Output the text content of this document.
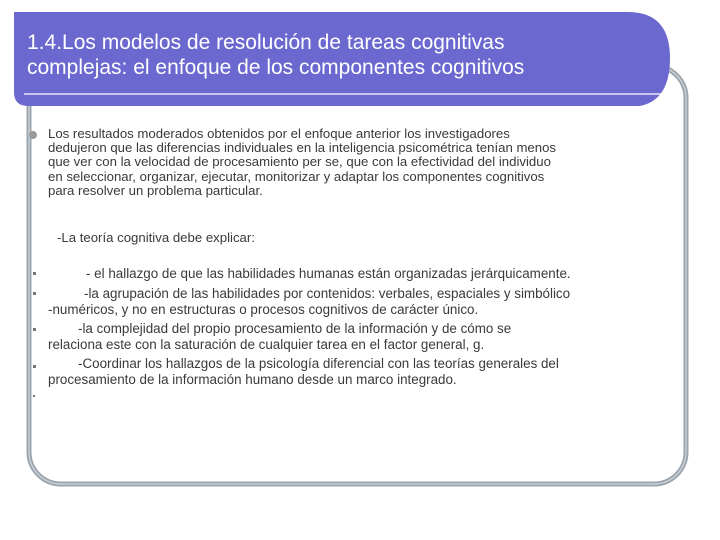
1.4.Los modelos de resolución de tareas cognitivas
complejas: el enfoque de los componentes cognitivos
Los resultados moderados obtenidos por el enfoque anterior los investigadores
dedujeron que las diferencias individuales en la inteligencia psicométrica tenían menos
que ver con la velocidad de procesamiento per se, que con la efectividad del individuo
en seleccionar, organizar, ejecutar, monitorizar y adaptar los componentes cognitivos
para resolver un problema particular.
-La teoría cognitiva debe explicar:
- el hallazgo de que las habilidades humanas están organizadas jerárquicamente.
-la agrupación de las habilidades por contenidos: verbales, espaciales y simbólico
-numéricos, y no en estructuras o procesos cognitivos de carácter único.
-la complejidad del propio procesamiento de la información y de cómo se
relaciona este con la saturación de cualquier tarea en el factor general, g.
-Coordinar los hallazgos de la psicología diferencial con las teorías generales del
procesamiento de la información humano desde un marco integrado.
